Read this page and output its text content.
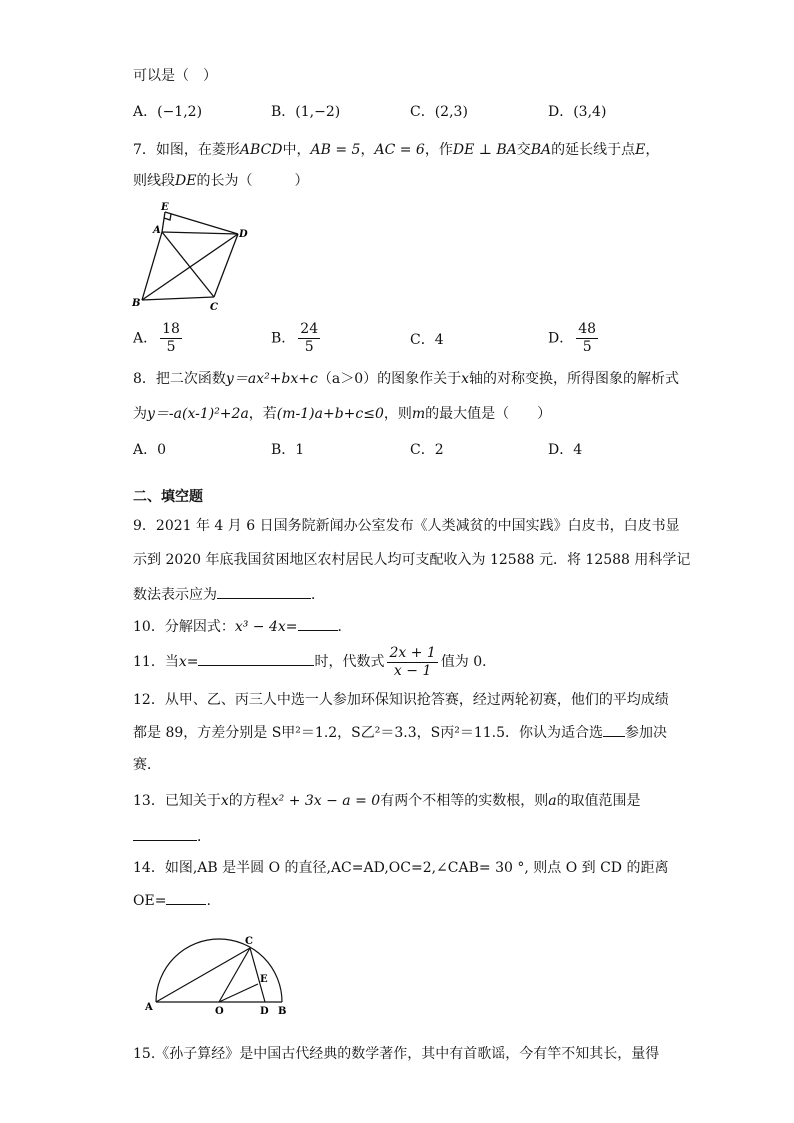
可以是（　）
A．(−1,2)	B．(1,−2)	C．(2,3)	D．(3,4)
7．如图，在菱形ABCD中，AB = 5，AC = 6，作DE ⊥ BA交BA的延长线于点E，
则线段DE的长为（　　　）
E
A	D
B	C
A． $\frac{18}{5}$	B． $\frac{24}{5}$	C．4	D． $\frac{48}{5}$
8．把二次函数y＝ax²+bx+c（a＞0）的图象作关于x轴的对称变换，所得图象的解析式
为y＝-a(x-1)²+2a，若(m-1)a+b+c≤0，则m的最大值是（　　）
A．0	B．1	C．2	D．4
二、填空题
9．2021 年 4 月 6 日国务院新闻办公室发布《人类减贫的中国实践》白皮书，白皮书显
示到 2020 年底我国贫困地区农村居民人均可支配收入为 12588 元．将 12588 用科学记
数法表示应为	．
10．分解因式：x³ − 4x=	．
11．当x=	时，代数式 $\frac{2x + 1}{x - 1}$ 值为 0．
12．从甲、乙、丙三人中选一人参加环保知识抢答赛，经过两轮初赛，他们的平均成绩
都是 89，方差分别是 S甲²＝1.2，S乙²＝3.3，S丙²＝11.5．你认为适合选 参加决
赛．
13．已知关于x的方程x² + 3x − a = 0有两个不相等的实数根，则a的取值范围是
．
14．如图,AB 是半圆 O 的直径,AC=AD,OC=2,∠CAB= 30 °, 则点 O 到 CD 的距离
OE=	.
C
E
A	O	D B
15.《孙子算经》是中国古代经典的数学著作，其中有首歌谣，今有竿不知其长，量得
